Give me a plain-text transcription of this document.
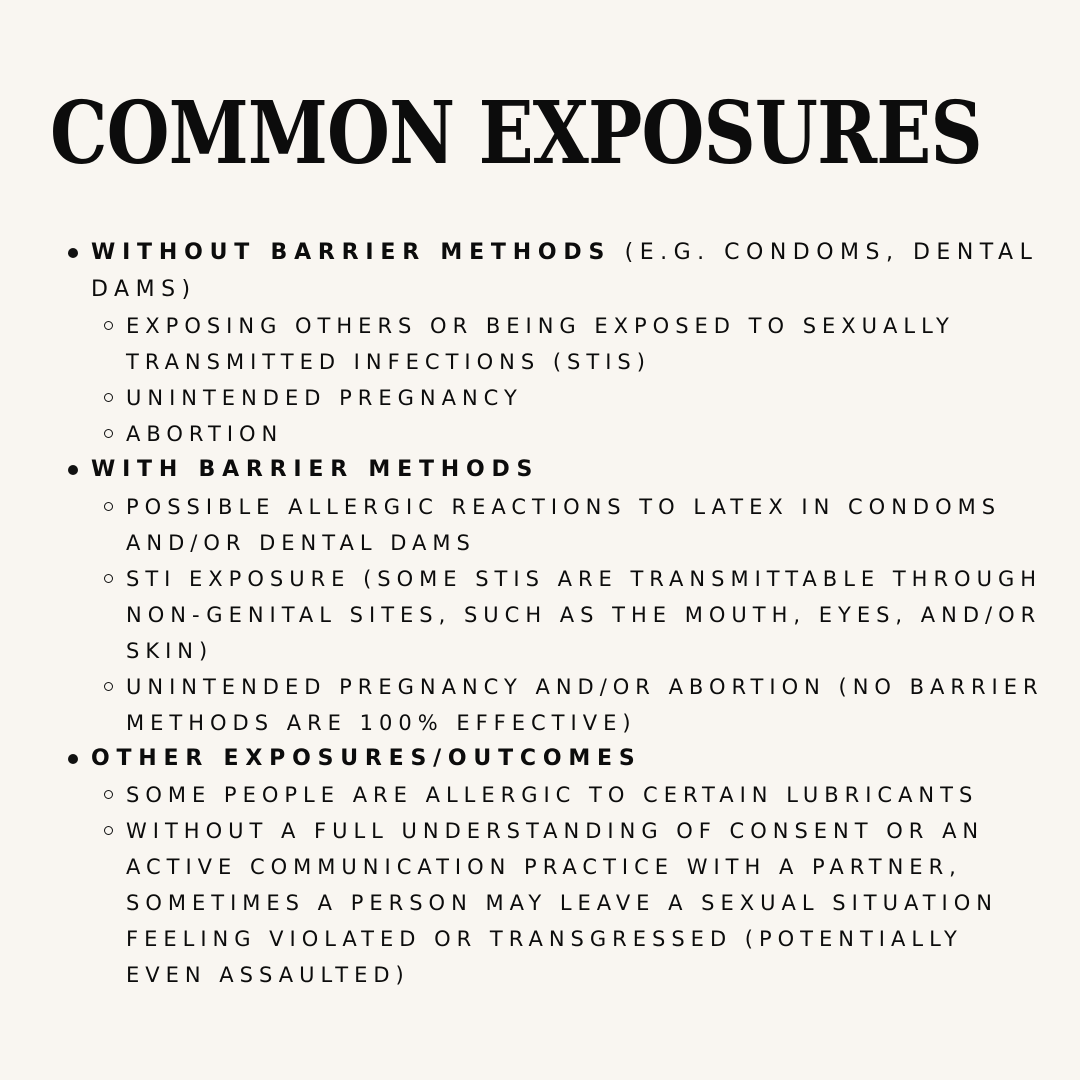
COMMON EXPOSURES
WITHOUT BARRIER METHODS (E.G. CONDOMS, DENTAL DAMS)
EXPOSING OTHERS OR BEING EXPOSED TO SEXUALLY TRANSMITTED INFECTIONS (STIS)
UNINTENDED PREGNANCY
ABORTION
WITH BARRIER METHODS
POSSIBLE ALLERGIC REACTIONS TO LATEX IN CONDOMS AND/OR DENTAL DAMS
STI EXPOSURE (SOME STIS ARE TRANSMITTABLE THROUGH NON-GENITAL SITES, SUCH AS THE MOUTH, EYES, AND/OR SKIN)
UNINTENDED PREGNANCY AND/OR ABORTION (NO BARRIER METHODS ARE 100% EFFECTIVE)
OTHER EXPOSURES/OUTCOMES
SOME PEOPLE ARE ALLERGIC TO CERTAIN LUBRICANTS
WITHOUT A FULL UNDERSTANDING OF CONSENT OR AN ACTIVE COMMUNICATION PRACTICE WITH A PARTNER, SOMETIMES A PERSON MAY LEAVE A SEXUAL SITUATION FEELING VIOLATED OR TRANSGRESSED (POTENTIALLY EVEN ASSAULTED)
